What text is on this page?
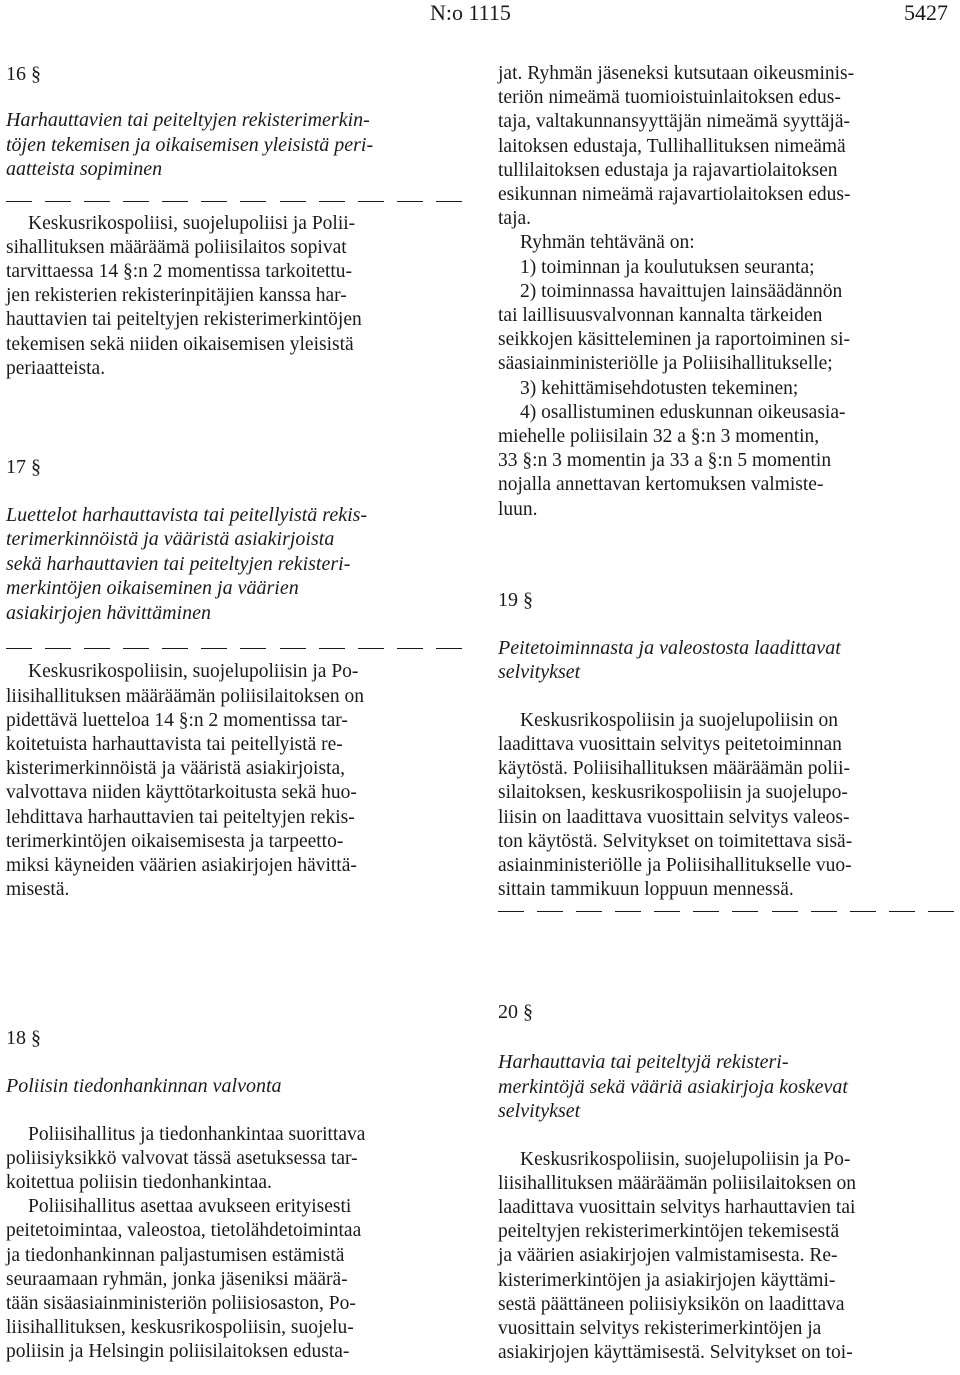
N:o 1115	5427

16 §

Harhauttavien tai peiteltyjen rekisterimerkin-

töjen tekemisen ja oikaisemisen yleisistä peri-

aatteista sopiminen

Keskusrikospoliisi, suojelupoliisi ja Polii-

sihallituksen määräämä poliisilaitos sopivat

tarvittaessa 14 §:n 2 momentissa tarkoitettu-

jen rekisterien rekisterinpitäjien kanssa har-

hauttavien tai peiteltyjen rekisterimerkintöjen

tekemisen sekä niiden oikaisemisen yleisistä

periaatteista.

17 §

Luettelot harhauttavista tai peitellyistä rekis-

terimerkinnöistä ja vääristä asiakirjoista

sekä harhauttavien tai peiteltyjen rekisteri-

merkintöjen oikaiseminen ja väärien

asiakirjojen hävittäminen

Keskusrikospoliisin, suojelupoliisin ja Po-

liisihallituksen määräämän poliisilaitoksen on

pidettävä luetteloa 14 §:n 2 momentissa tar-

koitetuista harhauttavista tai peitellyistä re-

kisterimerkinnöistä ja vääristä asiakirjoista,

valvottava niiden käyttötarkoitusta sekä huo-

lehdittava harhauttavien tai peiteltyjen rekis-

terimerkintöjen oikaisemisesta ja tarpeetto-

miksi käyneiden väärien asiakirjojen hävittä-

misestä.

jat. Ryhmän jäseneksi kutsutaan oikeusminis-

teriön nimeämä tuomioistuinlaitoksen edus-

taja, valtakunnansyyttäjän nimeämä syyttäjä-

laitoksen edustaja, Tullihallituksen nimeämä

tullilaitoksen edustaja ja rajavartiolaitoksen

esikunnan nimeämä rajavartiolaitoksen edus-

taja.

Ryhmän tehtävänä on:

1) toiminnan ja koulutuksen seuranta;

2) toiminnassa havaittujen lainsäädännön

tai laillisuusvalvonnan kannalta tärkeiden

seikkojen käsitteleminen ja raportoiminen si-

säasiainministeriölle ja Poliisihallitukselle;

3) kehittämisehdotusten tekeminen;

4) osallistuminen eduskunnan oikeusasia-

miehelle poliisilain 32 a §:n 3 momentin,

33 §:n 3 momentin ja 33 a §:n 5 momentin

nojalla annettavan kertomuksen valmiste-

luun.

19 §

Peitetoiminnasta ja valeostosta laadittavat

selvitykset

Keskusrikospoliisin ja suojelupoliisin on

laadittava vuosittain selvitys peitetoiminnan

käytöstä. Poliisihallituksen määräämän polii-

silaitoksen, keskusrikospoliisin ja suojelupo-

liisin on laadittava vuosittain selvitys valeos-

ton käytöstä. Selvitykset on toimitettava sisä-

asiainministeriölle ja Poliisihallitukselle vuo-

sittain tammikuun loppuun mennessä.

18 §

Poliisin tiedonhankinnan valvonta

Poliisihallitus ja tiedonhankintaa suorittava

poliisiyksikkö valvovat tässä asetuksessa tar-

koitettua poliisin tiedonhankintaa.

Poliisihallitus asettaa avukseen erityisesti

peitetoimintaa, valeostoa, tietolähdetoimintaa

ja tiedonhankinnan paljastumisen estämistä

seuraamaan ryhmän, jonka jäseniksi määrä-

tään sisäasiainministeriön poliisiosaston, Po-

liisihallituksen, keskusrikospoliisin, suojelu-

poliisin ja Helsingin poliisilaitoksen edusta-

20 §

Harhauttavia tai peiteltyjä rekisteri-

merkintöjä sekä vääriä asiakirjoja koskevat

selvitykset

Keskusrikospoliisin, suojelupoliisin ja Po-

liisihallituksen määräämän poliisilaitoksen on

laadittava vuosittain selvitys harhauttavien tai

peiteltyjen rekisterimerkintöjen tekemisestä

ja väärien asiakirjojen valmistamisesta. Re-

kisterimerkintöjen ja asiakirjojen käyttämi-

sestä päättäneen poliisiyksikön on laadittava

vuosittain selvitys rekisterimerkintöjen ja

asiakirjojen käyttämisestä. Selvitykset on toi-
